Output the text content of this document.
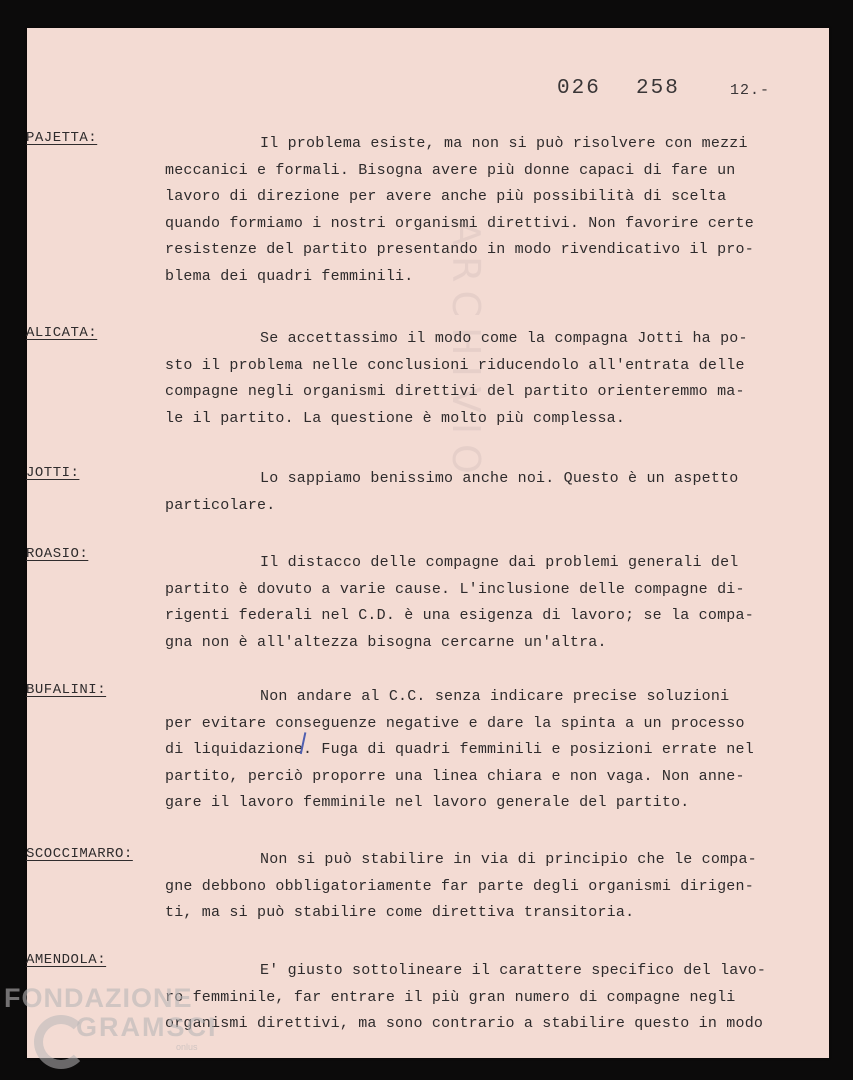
ARCHIVIO
026 258	12.-
PAJETTA:	Il problema esiste, ma non si può risolvere con mezzi
meccanici e formali. Bisogna avere più donne capaci di fare un
lavoro di direzione per avere anche più possibilità di scelta
quando formiamo i nostri organismi direttivi. Non favorire certe
resistenze del partito presentando in modo rivendicativo il pro-
blema dei quadri femminili.
ALICATA:	Se accettassimo il modo come la compagna Jotti ha po-
sto il problema nelle conclusioni riducendolo all'entrata delle
compagne negli organismi direttivi del partito orienteremmo ma-
le il partito. La questione è molto più complessa.
JOTTI:	Lo sappiamo benissimo anche noi. Questo è un aspetto
particolare.
ROASIO:	Il distacco delle compagne dai problemi generali del
partito è dovuto a varie cause. L'inclusione delle compagne di-
rigenti federali nel C.D. è una esigenza di lavoro; se la compa-
gna non è all'altezza bisogna cercarne un'altra.
BUFALINI:	Non andare al C.C. senza indicare precise soluzioni
per evitare conseguenze negative e dare la spinta a un processo
di liquidazione. Fuga di quadri femminili e posizioni errate nel
partito, perciò proporre una linea chiara e non vaga. Non anne-
gare il lavoro femminile nel lavoro generale del partito.
SCOCCIMARRO:	Non si può stabilire in via di principio che le compa-
gne debbono obbligatoriamente far parte degli organismi dirigen-
ti, ma si può stabilire come direttiva transitoria.
AMENDOLA:
E' giusto sottolineare il carattere specifico del lavo-
ro femminile, far entrare il più gran numero di compagne negli
organismi direttivi, ma sono contrario a stabilire questo in modo
FONDAZIONE
GRAMSCI
onlus
